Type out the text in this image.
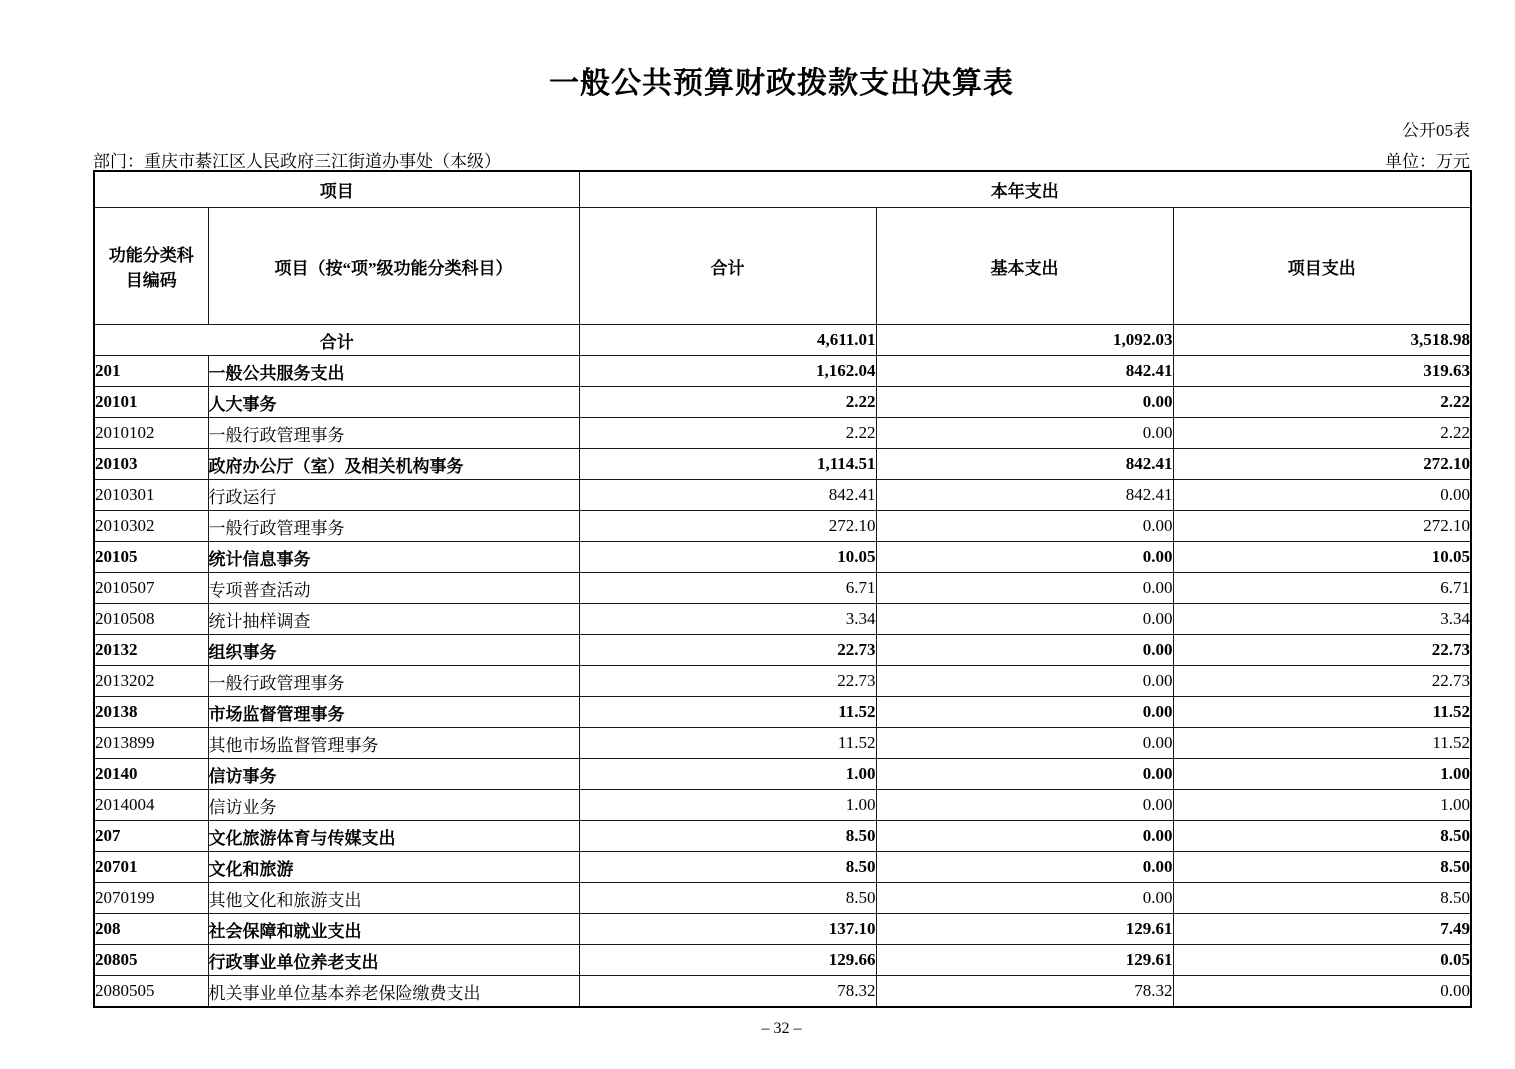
一般公共预算财政拨款支出决算表
公开05表
单位：万元
部门：重庆市綦江区人民政府三江街道办事处（本级）
项目		本年支出		
功能分类科目编码	项目（按“项”级功能分类科目）	合计	基本支出	项目支出
合计		4,611.01	1,092.03	3,518.98
201	一般公共服务支出	1,162.04	842.41	319.63
20101	人大事务	2.22	0.00	2.22
2010102	一般行政管理事务	2.22	0.00	2.22
20103	政府办公厅（室）及相关机构事务	1,114.51	842.41	272.10
2010301	行政运行	842.41	842.41	0.00
2010302	一般行政管理事务	272.10	0.00	272.10
20105	统计信息事务	10.05	0.00	10.05
2010507	专项普查活动	6.71	0.00	6.71
2010508	统计抽样调查	3.34	0.00	3.34
20132	组织事务	22.73	0.00	22.73
2013202	一般行政管理事务	22.73	0.00	22.73
20138	市场监督管理事务	11.52	0.00	11.52
2013899	其他市场监督管理事务	11.52	0.00	11.52
20140	信访事务	1.00	0.00	1.00
2014004	信访业务	1.00	0.00	1.00
207	文化旅游体育与传媒支出	8.50	0.00	8.50
20701	文化和旅游	8.50	0.00	8.50
2070199	其他文化和旅游支出	8.50	0.00	8.50
208	社会保障和就业支出	137.10	129.61	7.49
20805	行政事业单位养老支出	129.66	129.61	0.05
2080505	机关事业单位基本养老保险缴费支出	78.32	78.32	0.00
– 32 –
